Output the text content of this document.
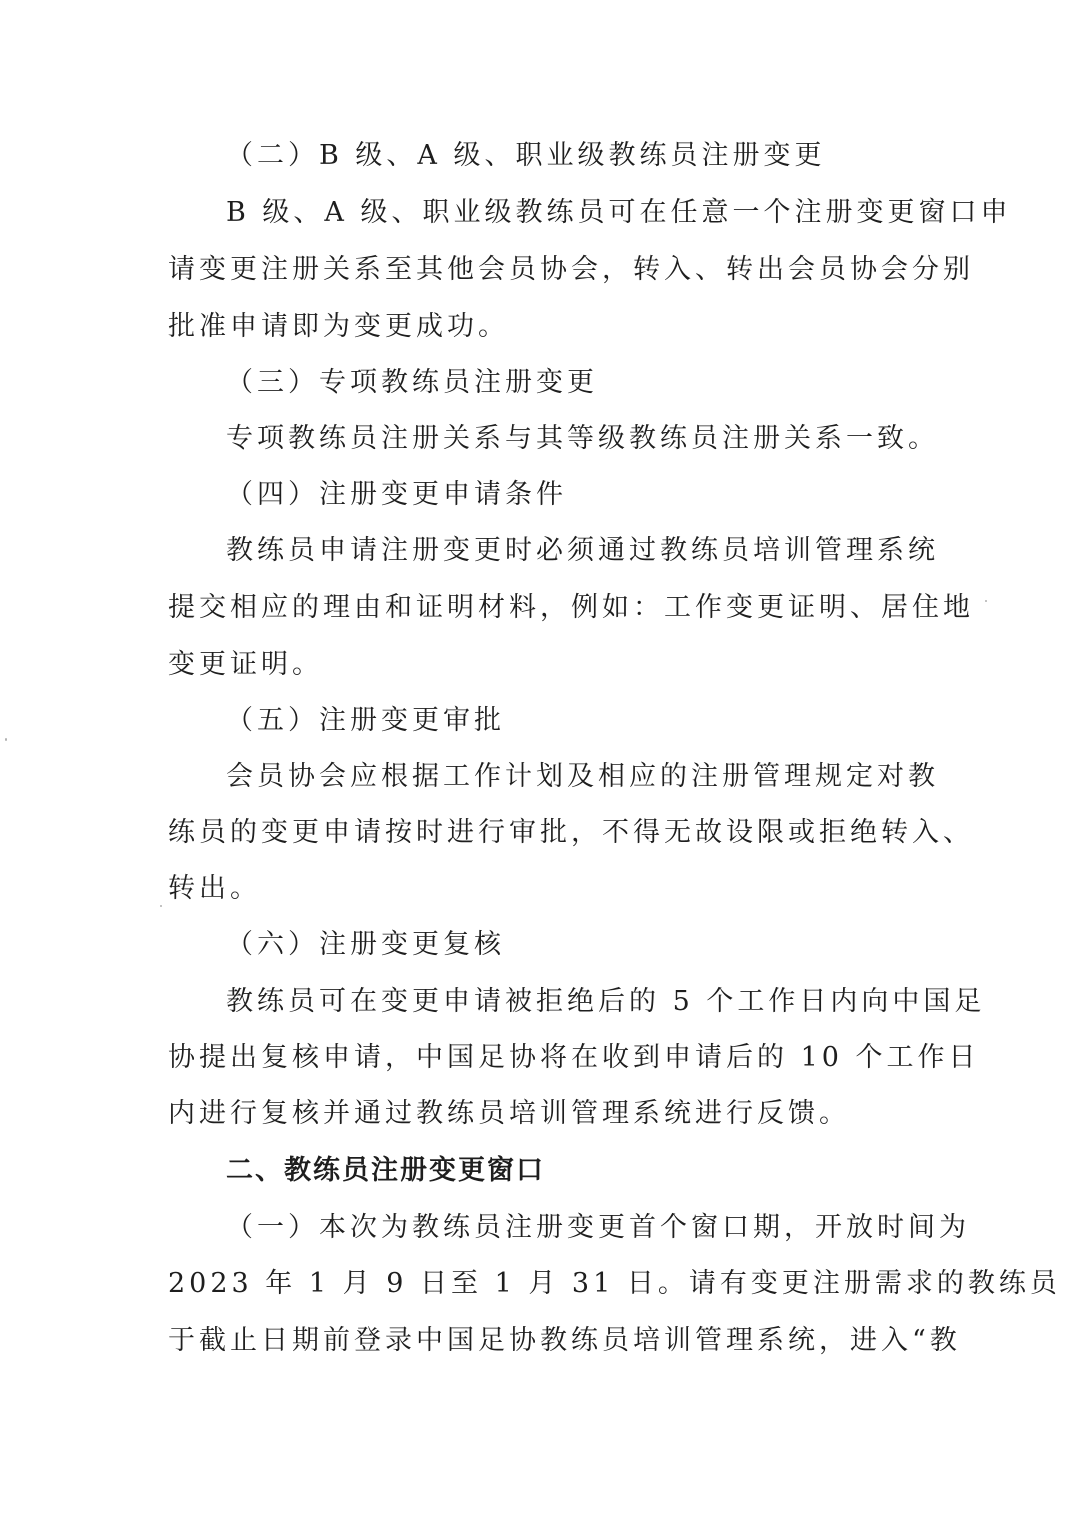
（二）B 级、A 级、职业级教练员注册变更
B 级、A 级、职业级教练员可在任意一个注册变更窗口申
请变更注册关系至其他会员协会，转入、转出会员协会分别
批准申请即为变更成功。
（三）专项教练员注册变更
专项教练员注册关系与其等级教练员注册关系一致。
（四）注册变更申请条件
教练员申请注册变更时必须通过教练员培训管理系统
提交相应的理由和证明材料，例如：工作变更证明、居住地
变更证明。
（五）注册变更审批
会员协会应根据工作计划及相应的注册管理规定对教
练员的变更申请按时进行审批，不得无故设限或拒绝转入、
转出。
（六）注册变更复核
教练员可在变更申请被拒绝后的 5 个工作日内向中国足
协提出复核申请，中国足协将在收到申请后的 10 个工作日
内进行复核并通过教练员培训管理系统进行反馈。
二、教练员注册变更窗口
（一）本次为教练员注册变更首个窗口期，开放时间为
2023 年 1 月 9 日至 1 月 31 日。请有变更注册需求的教练员
于截止日期前登录中国足协教练员培训管理系统，进入“教
